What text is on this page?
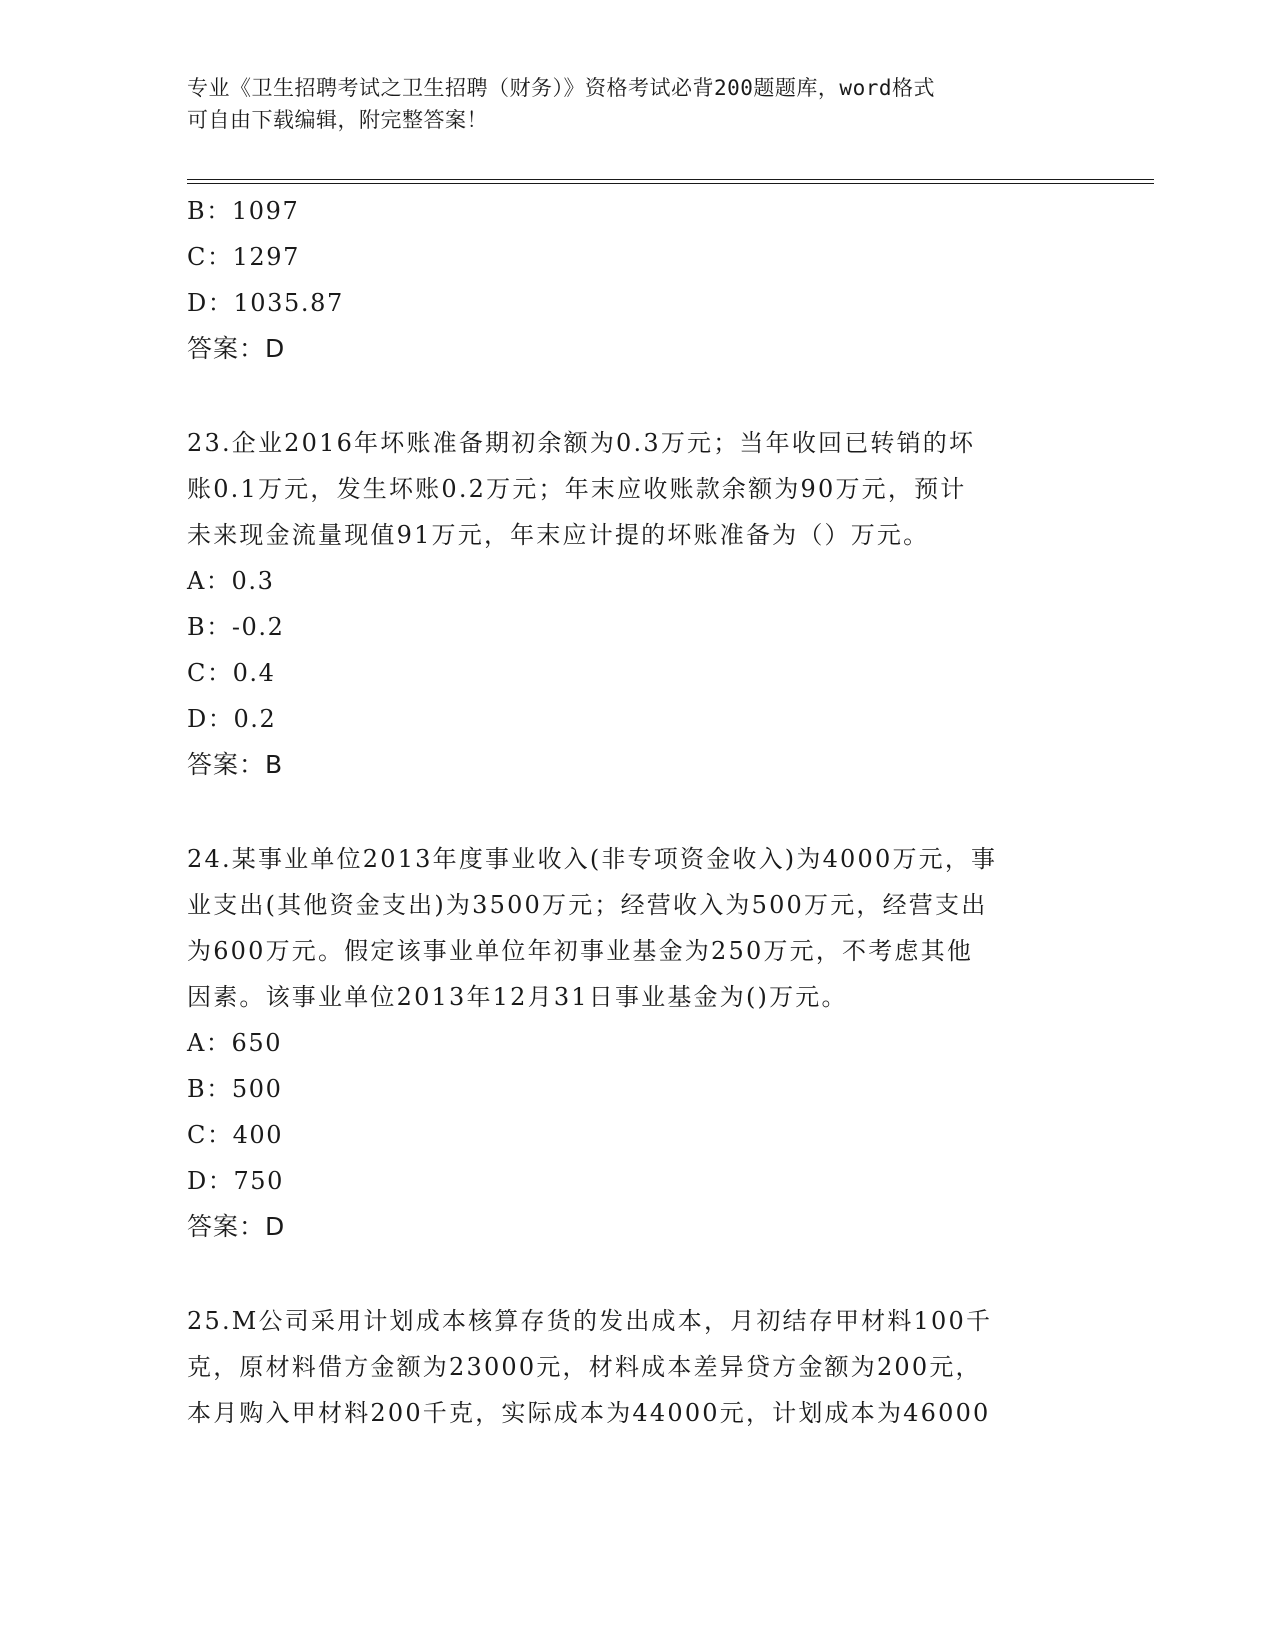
专业《卫生招聘考试之卫生招聘（财务）》资格考试必背200题题库，word格式
可自由下载编辑，附完整答案！
B：1097
C：1297
D：1035.87
答案：D
23.企业2016年坏账准备期初余额为0.3万元；当年收回已转销的坏
账0.1万元，发生坏账0.2万元；年末应收账款余额为90万元，预计
未来现金流量现值91万元，年末应计提的坏账准备为（）万元。
A：0.3
B：-0.2
C：0.4
D：0.2
答案：B
24.某事业单位2013年度事业收入(非专项资金收入)为4000万元，事
业支出(其他资金支出)为3500万元；经营收入为500万元，经营支出
为600万元。假定该事业单位年初事业基金为250万元，不考虑其他
因素。该事业单位2013年12月31日事业基金为()万元。
A：650
B：500
C：400
D：750
答案：D
25.M公司采用计划成本核算存货的发出成本，月初结存甲材料100千
克，原材料借方金额为23000元，材料成本差异贷方金额为200元，
本月购入甲材料200千克，实际成本为44000元，计划成本为46000
